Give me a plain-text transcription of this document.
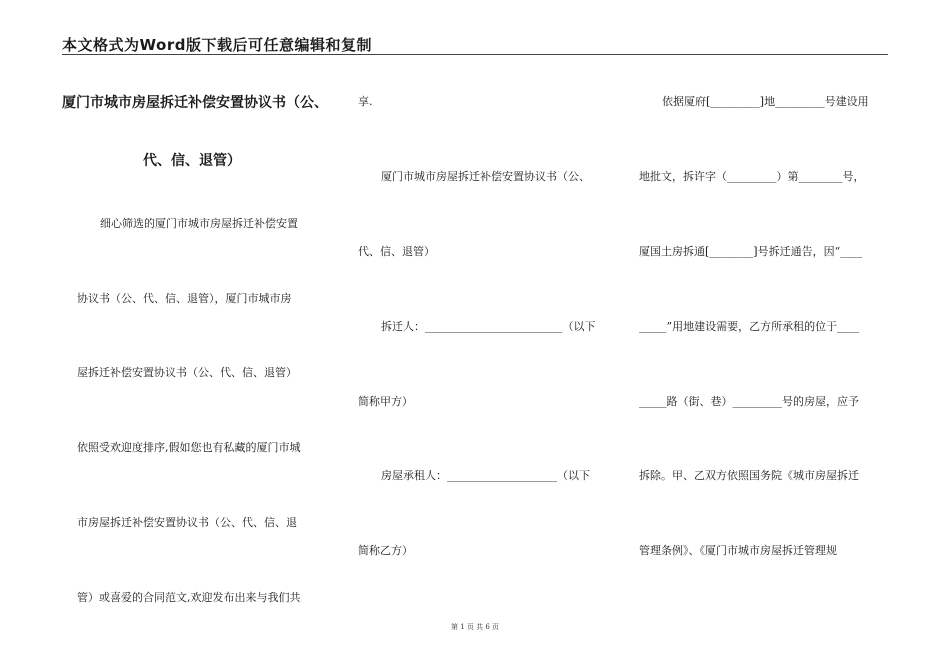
本文格式为Word版下载后可任意编辑和复制
厦门市城市房屋拆迁补偿安置协议书（公、
代、信、退管）
细心筛选的厦门市城市房屋拆迁补偿安置
协议书（公、代、信、退管），厦门市城市房
屋拆迁补偿安置协议书（公、代、信、退管）
依照受欢迎度排序,假如您也有私藏的厦门市城
市房屋拆迁补偿安置协议书（公、代、信、退
管）或喜爱的合同范文,欢迎发布出来与我们共
享.
厦门市城市房屋拆迁补偿安置协议书（公、
代、信、退管）
拆迁人：_________________________（以下
简称甲方）
房屋承租人：____________________（以下
简称乙方）
依据厦府[_________]地_________号建设用
地批文，拆许字（_________）第________号，
厦国土房拆通[________]号拆迁通告，因“____
_____”用地建设需要，乙方所承租的位于____
_____路（街、巷）_________号的房屋，应予
拆除。甲、乙双方依照国务院《城市房屋拆迁
管理条例》、《厦门市城市房屋拆迁管理规
第 1 页 共 6 页
